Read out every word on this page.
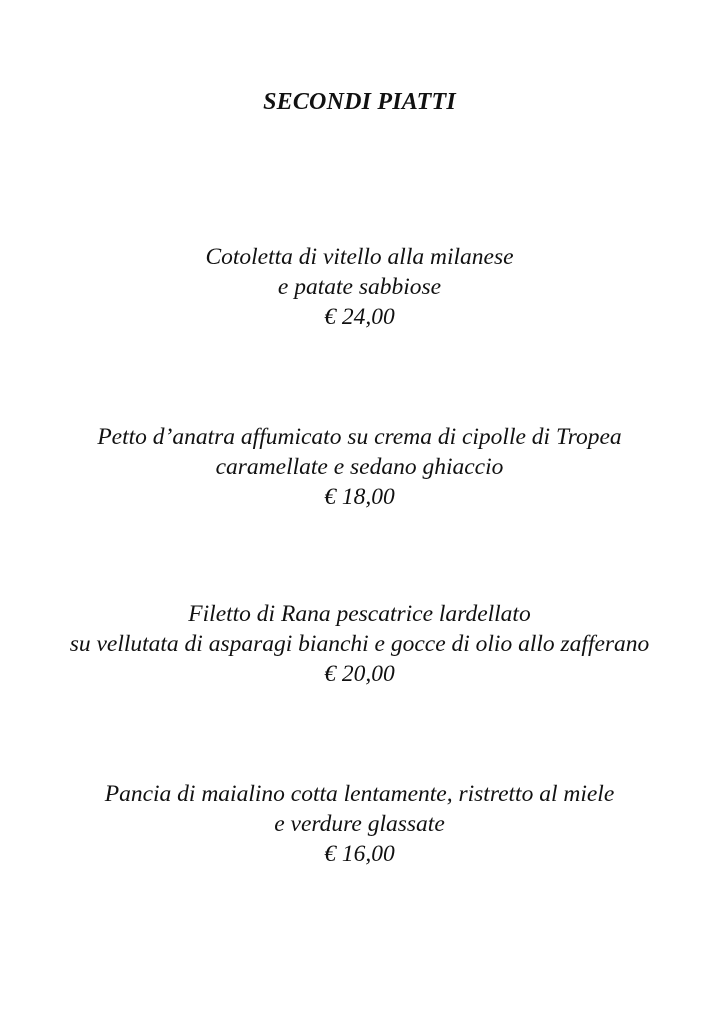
SECONDI PIATTI
Cotoletta di vitello alla milanese
e patate sabbiose
€ 24,00
Petto d’anatra affumicato su crema di cipolle di Tropea
caramellate e sedano ghiaccio
€ 18,00
Filetto di Rana pescatrice lardellato
su vellutata di asparagi bianchi e gocce di olio allo zafferano
€ 20,00
Pancia di maialino cotta lentamente, ristretto al miele
e verdure glassate
€ 16,00
